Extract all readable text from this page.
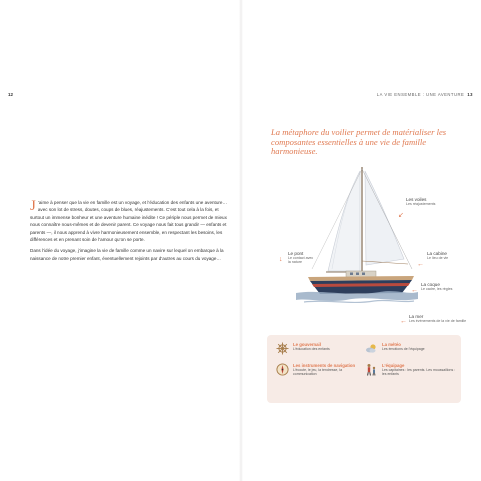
12	LA VIE ENSEMBLE : UNE AVENTURE 13

J ’aime à penser que la vie en famille est un voyage, et l’éducation des enfants une aventure… avec son lot de stress, doutes, coups de blues, réajustements. C’est tout cela à la fois, et surtout un immense bonheur et une aventure humaine inédite ! Ce périple nous permet de mieux nous connaître nous-mêmes et de devenir parent. Ce voyage nous fait tous grandir — enfants et parents —, il nous apprend à vivre harmonieusement ensemble, en respectant les besoins, les différences et en prenant soin de l’amour qu’on se porte.

Dans l’idée du voyage, j’imagine la vie de famille comme un navire sur lequel on embarque à la naissance de notre premier enfant, éventuellement rejoints par d’autres au cours du voyage…

La métaphore du voilier permet de matérialiser les composantes essentielles à une vie de famille harmonieuse.
Les voiles
Les réajustements
↙
Le pont
Le contact avec la nature
↓
La cabine
Le lieu de vie
←
La coque
Le cadre, les règles
←
La mer
Les événements de la vie de famille
←
Le gouvernail
L’éducation des enfants
La météo
Les émotions de l’équipage
Les instruments de navigation
L’écoute, le jeu, la tendresse, la communication
L’équipage
Les capitaines : les parents. Les moussaillons : les enfants
